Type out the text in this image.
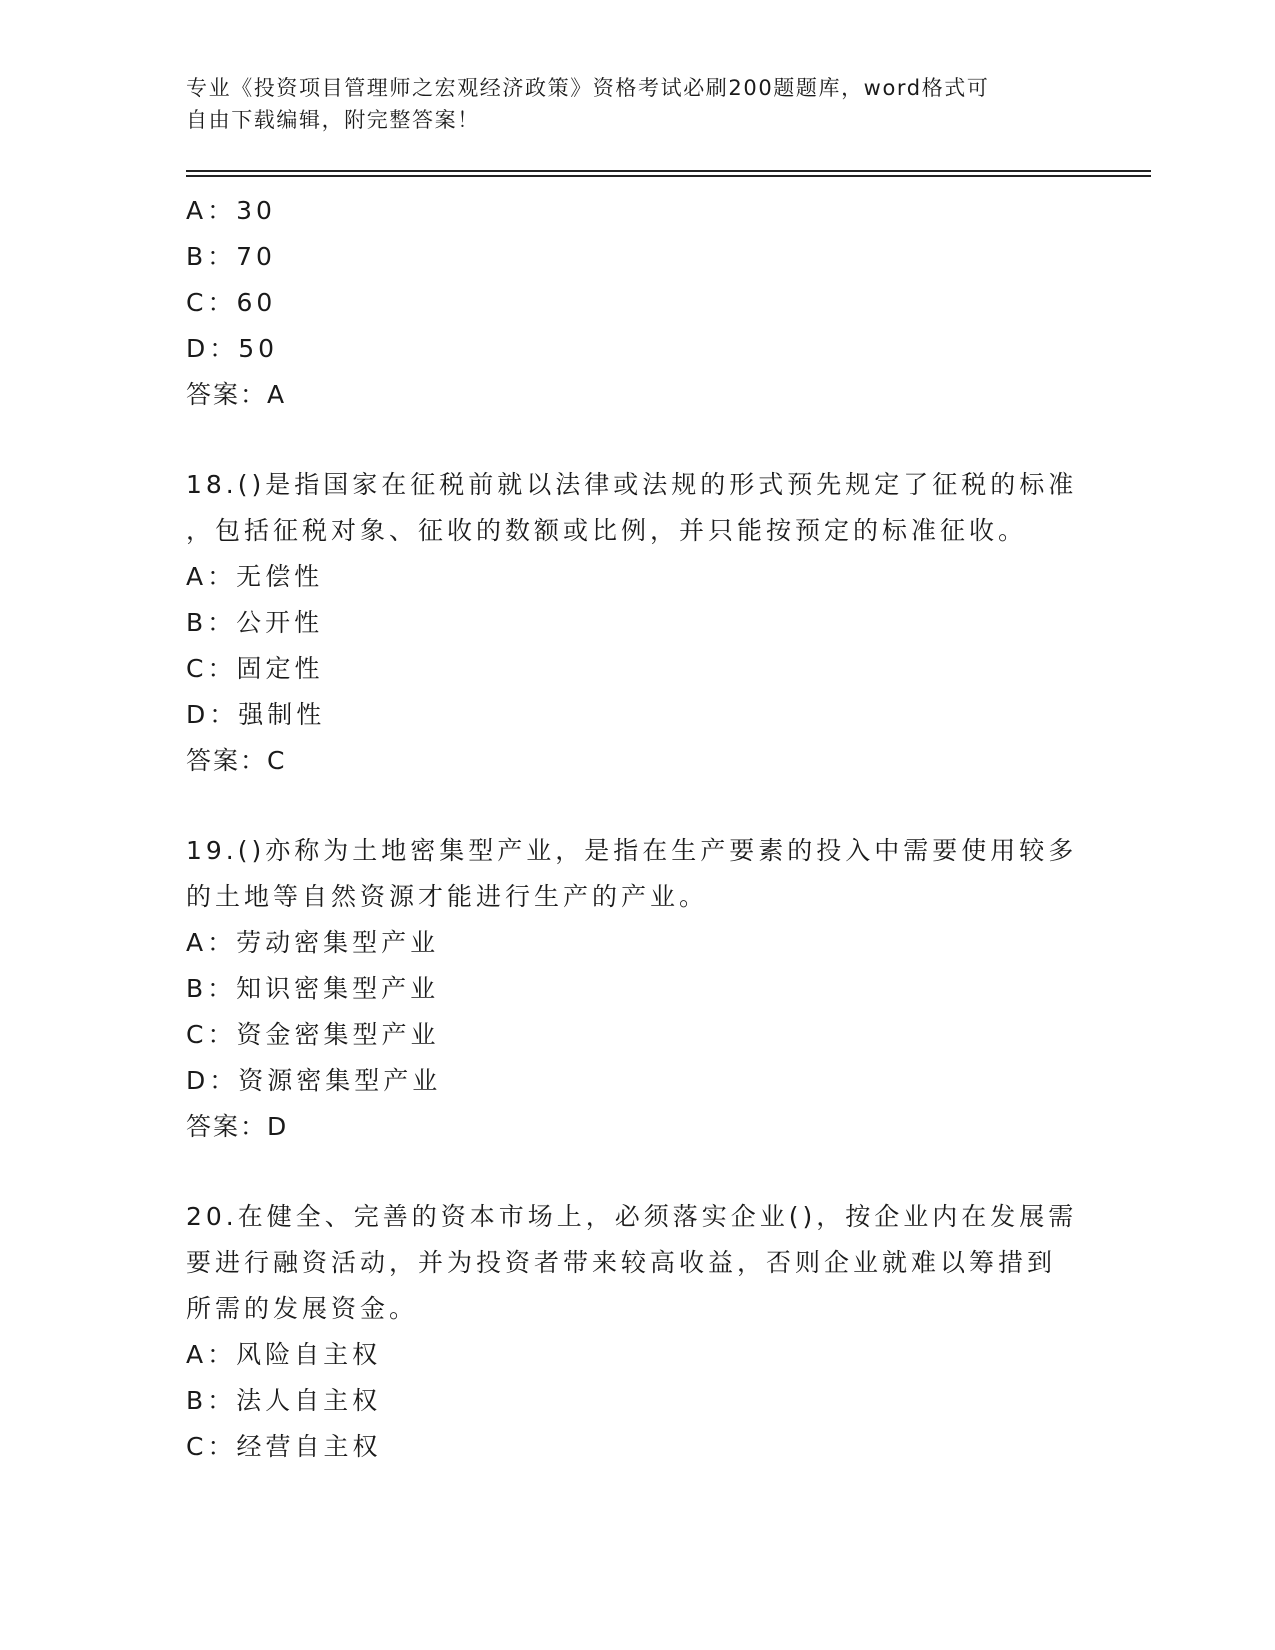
专业《投资项目管理师之宏观经济政策》资格考试必刷200题题库，word格式可
自由下载编辑，附完整答案！
A：30
B：70
C：60
D：50
答案：A
18.()是指国家在征税前就以法律或法规的形式预先规定了征税的标准
，包括征税对象、征收的数额或比例，并只能按预定的标准征收。
A：无偿性
B：公开性
C：固定性
D：强制性
答案：C
19.()亦称为土地密集型产业，是指在生产要素的投入中需要使用较多
的土地等自然资源才能进行生产的产业。
A：劳动密集型产业
B：知识密集型产业
C：资金密集型产业
D：资源密集型产业
答案：D
20.在健全、完善的资本市场上，必须落实企业()，按企业内在发展需
要进行融资活动，并为投资者带来较高收益，否则企业就难以筹措到
所需的发展资金。
A：风险自主权
B：法人自主权
C：经营自主权
